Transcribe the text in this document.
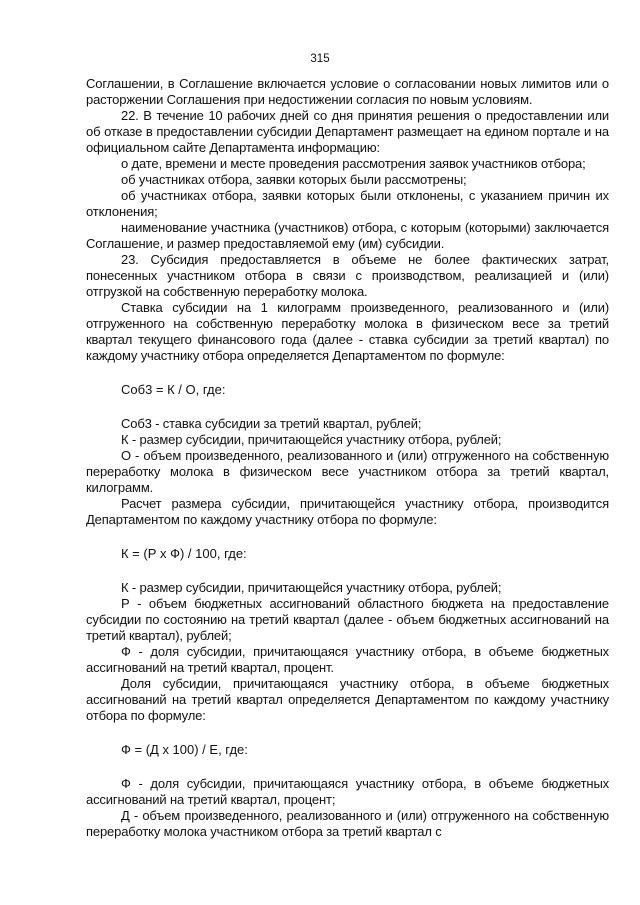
315

Соглашении, в Соглашение включается условие о согласовании новых лимитов или о расторжении Соглашения при недостижении согласия по новым условиям.

22. В течение 10 рабочих дней со дня принятия решения о предоставлении или об отказе в предоставлении субсидии Департамент размещает на едином портале и на официальном сайте Департамента информацию:

о дате, времени и месте проведения рассмотрения заявок участников отбора;

об участниках отбора, заявки которых были рассмотрены;

об участниках отбора, заявки которых были отклонены, с указанием причин их отклонения;

наименование участника (участников) отбора, с которым (которыми) заключается Соглашение, и размер предоставляемой ему (им) субсидии.

23. Субсидия предоставляется в объеме не более фактических затрат, понесенных участником отбора в связи с производством, реализацией и (или) отгрузкой на собственную переработку молока.

Ставка субсидии на 1 килограмм произведенного, реализованного и (или) отгруженного на собственную переработку молока в физическом весе за третий квартал текущего финансового года (далее - ставка субсидии за третий квартал) по каждому участнику отбора определяется Департаментом по формуле:

Соб3 = К / О, где:

Соб3 - ставка субсидии за третий квартал, рублей;

К - размер субсидии, причитающейся участнику отбора, рублей;

О - объем произведенного, реализованного и (или) отгруженного на собственную переработку молока в физическом весе участником отбора за третий квартал, килограмм.

Расчет размера субсидии, причитающейся участнику отбора, производится Департаментом по каждому участнику отбора по формуле:

К = (Р х Ф) / 100, где:

К - размер субсидии, причитающейся участнику отбора, рублей;

Р - объем бюджетных ассигнований областного бюджета на предоставление субсидии по состоянию на третий квартал (далее - объем бюджетных ассигнований на третий квартал), рублей;

Ф - доля субсидии, причитающаяся участнику отбора, в объеме бюджетных ассигнований на третий квартал, процент.

Доля субсидии, причитающаяся участнику отбора, в объеме бюджетных ассигнований на третий квартал определяется Департаментом по каждому участнику отбора по формуле:

Ф = (Д х 100) / Е, где:

Ф - доля субсидии, причитающаяся участнику отбора, в объеме бюджетных ассигнований на третий квартал, процент;

Д - объем произведенного, реализованного и (или) отгруженного на собственную переработку молока участником отбора за третий квартал с
